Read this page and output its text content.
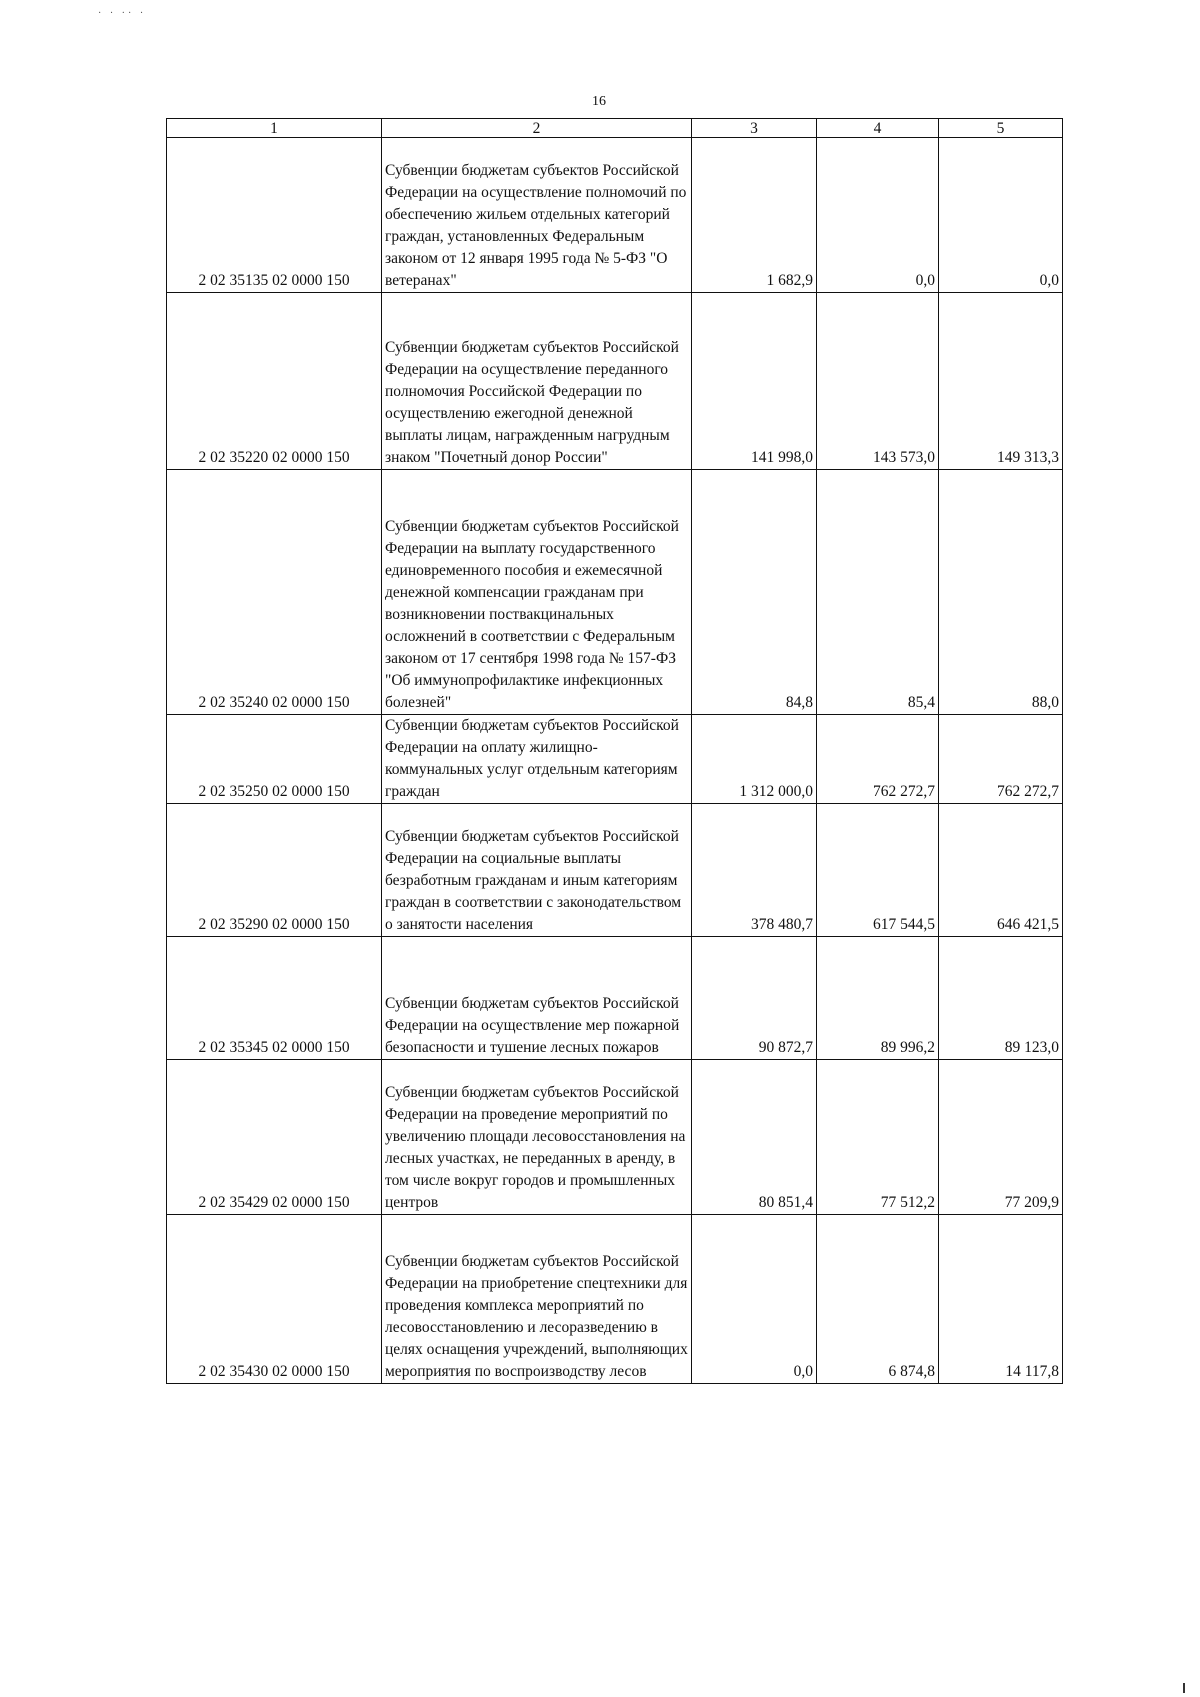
· · ·· ·
16
1	2	3	4	5
2 02 35135 02 0000 150	Субвенции бюджетам субъектов Российской Федерации на осуществление полномочий по обеспечению жильем отдельных категорий граждан, установленных Федеральным законом от 12 января 1995 года № 5-ФЗ "О ветеранах"	1 682,9	0,0	0,0
2 02 35220 02 0000 150	Субвенции бюджетам субъектов Российской Федерации на осуществление переданного полномочия Российской Федерации по осуществлению ежегодной денежной выплаты лицам, награжденным нагрудным знаком "Почетный донор России"	141 998,0	143 573,0	149 313,3
2 02 35240 02 0000 150	Субвенции бюджетам субъектов Российской Федерации на выплату государственного единовременного пособия и ежемесячной денежной компенсации гражданам при возникновении поствакцинальных осложнений в соответствии с Федеральным законом от 17 сентября 1998 года № 157-ФЗ "Об иммунопрофилактике инфекционных болезней"	84,8	85,4	88,0
2 02 35250 02 0000 150	Субвенции бюджетам субъектов Российской Федерации на оплату жилищно-коммунальных услуг отдельным категориям граждан	1 312 000,0	762 272,7	762 272,7
2 02 35290 02 0000 150	Субвенции бюджетам субъектов Российской Федерации на социальные выплаты безработным гражданам и иным категориям граждан в соответствии с законодательством о занятости населения	378 480,7	617 544,5	646 421,5
2 02 35345 02 0000 150	Субвенции бюджетам субъектов Российской Федерации на осуществление мер пожарной безопасности и тушение лесных пожаров	90 872,7	89 996,2	89 123,0
2 02 35429 02 0000 150	Субвенции бюджетам субъектов Российской Федерации на проведение мероприятий по увеличению площади лесовосстановления на лесных участках, не переданных в аренду, в том числе вокруг городов и промышленных центров	80 851,4	77 512,2	77 209,9
2 02 35430 02 0000 150	Субвенции бюджетам субъектов Российской Федерации на приобретение спецтехники для проведения комплекса мероприятий по лесовосстановлению и лесоразведению в целях оснащения учреждений, выполняющих мероприятия по воспроизводству лесов	0,0	6 874,8	14 117,8
